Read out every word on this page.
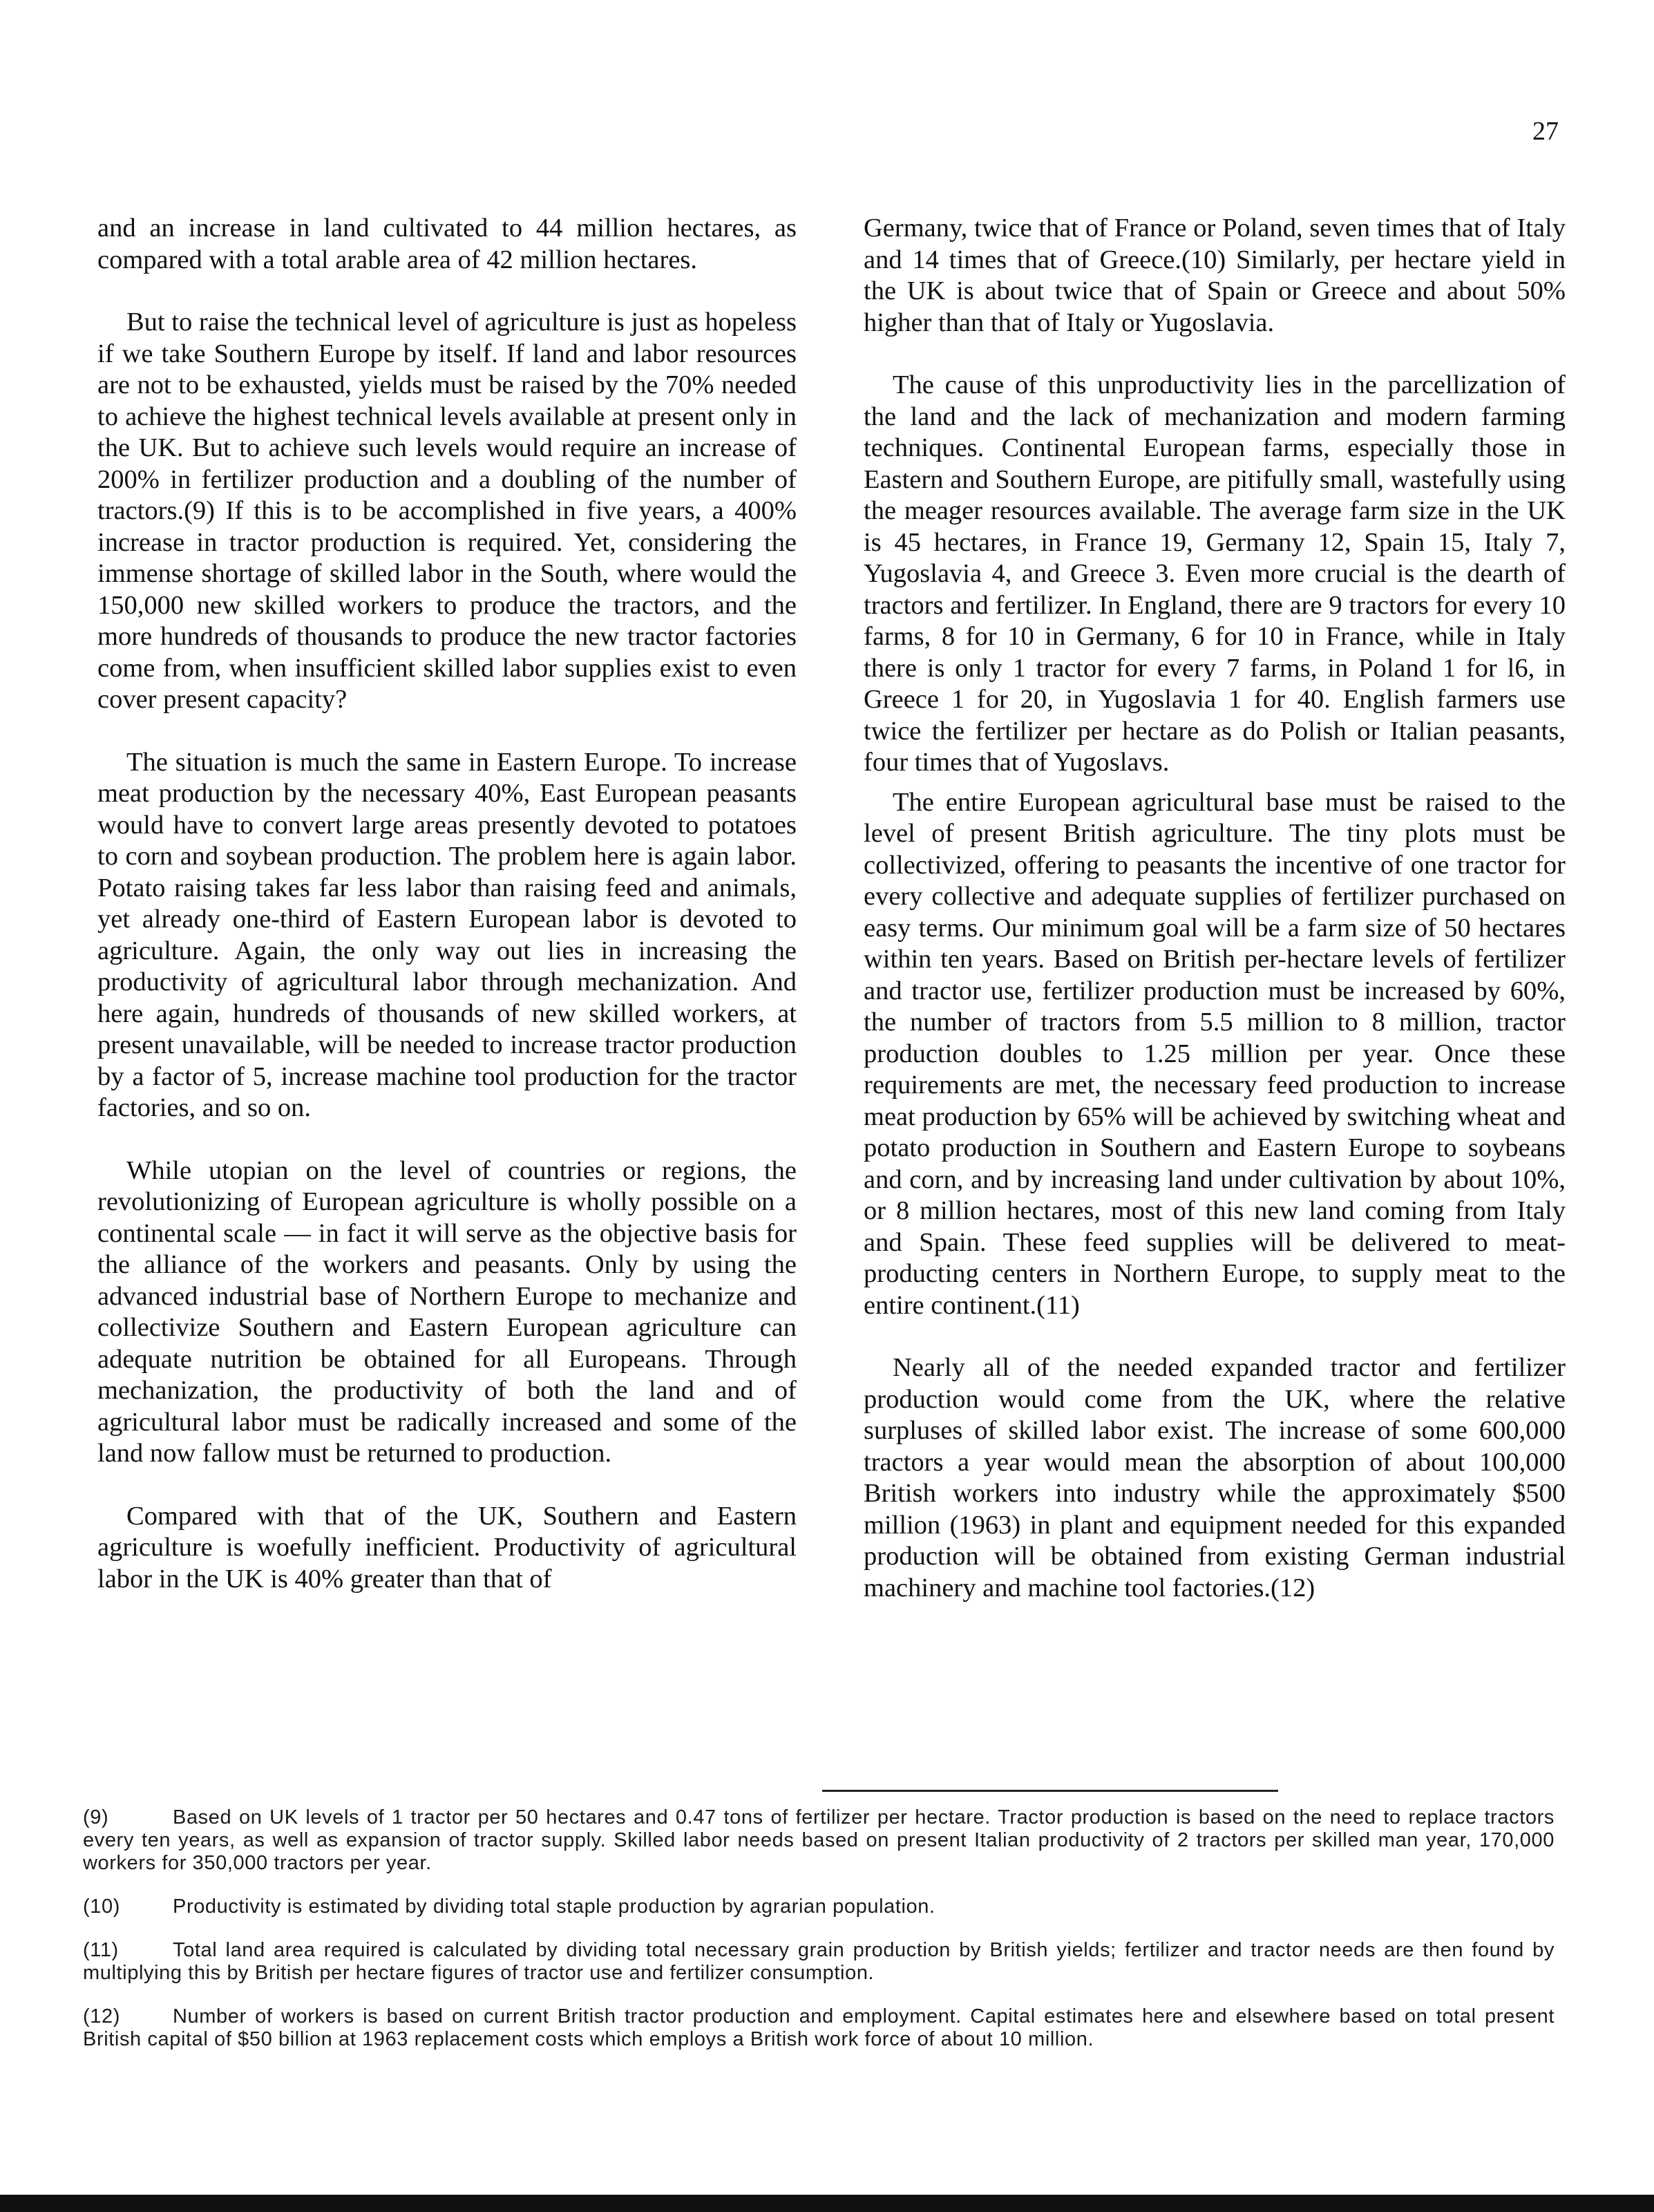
27

and an increase in land cultivated to 44 million hectares, as compared with a total arable area of 42 million hectares.

But to raise the technical level of agriculture is just as hopeless if we take Southern Europe by itself. If land and labor resources are not to be exhausted, yields must be raised by the 70% needed to achieve the highest technical levels available at present only in the UK. But to achieve such levels would require an increase of 200% in fertilizer production and a doubling of the number of tractors.(9) If this is to be accomplished in five years, a 400% increase in tractor production is required. Yet, considering the immense shortage of skilled labor in the South, where would the 150,000 new skilled workers to produce the tractors, and the more hundreds of thousands to produce the new tractor factories come from, when insufficient skilled labor supplies exist to even cover present capacity?

The situation is much the same in Eastern Europe. To increase meat production by the necessary 40%, East European peasants would have to convert large areas presently devoted to potatoes to corn and soybean production. The problem here is again labor. Potato raising takes far less labor than raising feed and animals, yet already one-third of Eastern European labor is devoted to agriculture. Again, the only way out lies in increasing the productivity of agricultural labor through mechanization. And here again, hundreds of thousands of new skilled workers, at present unavailable, will be needed to increase tractor production by a factor of 5, increase machine tool production for the tractor factories, and so on.

While utopian on the level of countries or regions, the revolutionizing of European agriculture is wholly possible on a continental scale — in fact it will serve as the objective basis for the alliance of the workers and peasants. Only by using the advanced industrial base of Northern Europe to mechanize and collectivize Southern and Eastern European agriculture can adequate nutrition be obtained for all Europeans. Through mechanization, the productivity of both the land and of agricultural labor must be radically increased and some of the land now fallow must be returned to production.

Compared with that of the UK, Southern and Eastern agriculture is woefully inefficient. Productivity of agricultural labor in the UK is 40% greater than that of

Germany, twice that of France or Poland, seven times that of Italy and 14 times that of Greece.(10) Similarly, per hectare yield in the UK is about twice that of Spain or Greece and about 50% higher than that of Italy or Yugoslavia.

The cause of this unproductivity lies in the parcellization of the land and the lack of mechanization and modern farming techniques. Continental European farms, especially those in Eastern and Southern Europe, are pitifully small, wastefully using the meager resources available. The average farm size in the UK is 45 hectares, in France 19, Germany 12, Spain 15, Italy 7, Yugoslavia 4, and Greece 3. Even more crucial is the dearth of tractors and fertilizer. In England, there are 9 tractors for every 10 farms, 8 for 10 in Germany, 6 for 10 in France, while in Italy there is only 1 tractor for every 7 farms, in Poland 1 for l6, in Greece 1 for 20, in Yugoslavia 1 for 40. English farmers use twice the fertilizer per hectare as do Polish or Italian peasants, four times that of Yugoslavs.

The entire European agricultural base must be raised to the level of present British agriculture. The tiny plots must be collectivized, offering to peasants the incentive of one tractor for every collective and adequate supplies of fertilizer purchased on easy terms. Our minimum goal will be a farm size of 50 hectares within ten years. Based on British per-hectare levels of fertilizer and tractor use, fertilizer production must be increased by 60%, the number of tractors from 5.5 million to 8 million, tractor production doubles to 1.25 million per year. Once these requirements are met, the necessary feed production to increase meat production by 65% will be achieved by switching wheat and potato production in Southern and Eastern Europe to soybeans and corn, and by increasing land under cultivation by about 10%, or 8 million hectares, most of this new land coming from Italy and Spain. These feed supplies will be delivered to meat-producting centers in Northern Europe, to supply meat to the entire continent.(11)

Nearly all of the needed expanded tractor and fertilizer production would come from the UK, where the relative surpluses of skilled labor exist. The increase of some 600,000 tractors a year would mean the absorption of about 100,000 British workers into industry while the approximately $500 million (1963) in plant and equipment needed for this expanded production will be obtained from existing German industrial machinery and machine tool factories.(12)

(9)	Based on UK levels of 1 tractor per 50 hectares and 0.47 tons of fertilizer per hectare. Tractor production is based on the need to replace tractors every ten years, as well as expansion of tractor supply. Skilled labor needs based on present Italian productivity of 2 tractors per skilled man year, 170,000 workers for 350,000 tractors per year.
(10)	Productivity is estimated by dividing total staple production by agrarian population.
(11)	Total land area required is calculated by dividing total necessary grain production by British yields; fertilizer and tractor needs are then found by multiplying this by British per hectare figures of tractor use and fertilizer consumption.
(12)	Number of workers is based on current British tractor production and employment. Capital estimates here and elsewhere based on total present British capital of $50 billion at 1963 replacement costs which employs a British work force of about 10 million.
